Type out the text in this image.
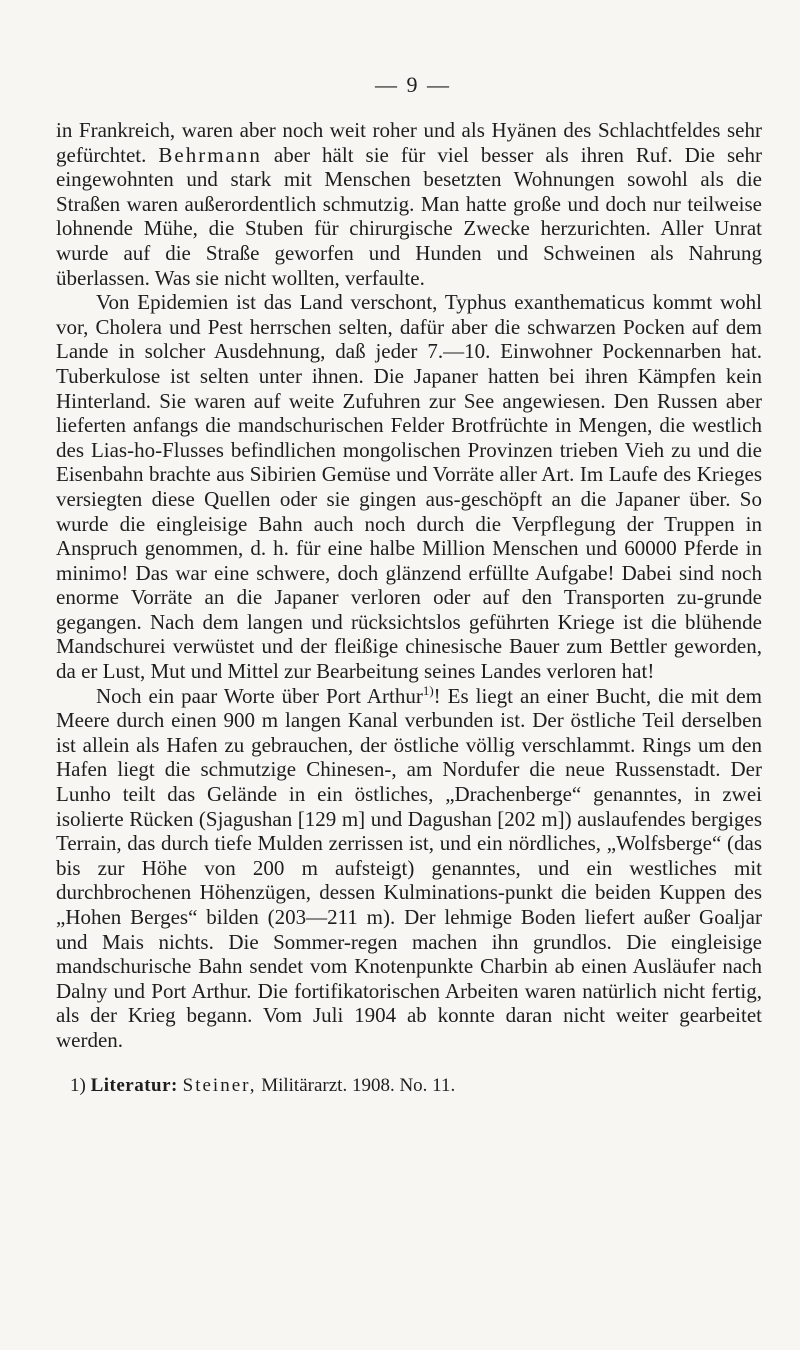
— 9 —

in Frankreich, waren aber noch weit roher und als Hyänen des Schlachtfeldes sehr gefürchtet. Behrmann aber hält sie für viel besser als ihren Ruf. Die sehr eingewohnten und stark mit Menschen besetzten Wohnungen sowohl als die Straßen waren außerordentlich schmutzig. Man hatte große und doch nur teilweise lohnende Mühe, die Stuben für chirurgische Zwecke herzurichten. Aller Unrat wurde auf die Straße geworfen und Hunden und Schweinen als Nahrung überlassen. Was sie nicht wollten, verfaulte.

Von Epidemien ist das Land verschont, Typhus exanthematicus kommt wohl vor, Cholera und Pest herrschen selten, dafür aber die schwarzen Pocken auf dem Lande in solcher Ausdehnung, daß jeder 7.—10. Einwohner Pockennarben hat. Tuberkulose ist selten unter ihnen. Die Japaner hatten bei ihren Kämpfen kein Hinterland. Sie waren auf weite Zufuhren zur See angewiesen. Den Russen aber lieferten anfangs die mandschurischen Felder Brotfrüchte in Mengen, die westlich des Lias-ho-Flusses befindlichen mongolischen Provinzen trieben Vieh zu und die Eisenbahn brachte aus Sibirien Gemüse und Vorräte aller Art. Im Laufe des Krieges versiegten diese Quellen oder sie gingen aus-geschöpft an die Japaner über. So wurde die eingleisige Bahn auch noch durch die Verpflegung der Truppen in Anspruch genommen, d. h. für eine halbe Million Menschen und 60000 Pferde in minimo! Das war eine schwere, doch glänzend erfüllte Aufgabe! Dabei sind noch enorme Vorräte an die Japaner verloren oder auf den Transporten zu-grunde gegangen. Nach dem langen und rücksichtslos geführten Kriege ist die blühende Mandschurei verwüstet und der fleißige chinesische Bauer zum Bettler geworden, da er Lust, Mut und Mittel zur Bearbeitung seines Landes verloren hat!

Noch ein paar Worte über Port Arthur$^{1)}$! Es liegt an einer Bucht, die mit dem Meere durch einen 900 m langen Kanal verbunden ist. Der östliche Teil derselben ist allein als Hafen zu gebrauchen, der östliche völlig verschlammt. Rings um den Hafen liegt die schmutzige Chinesen-, am Nordufer die neue Russenstadt. Der Lunho teilt das Gelände in ein östliches, „Drachenberge“ genanntes, in zwei isolierte Rücken (Sjagushan [129 m] und Dagushan [202 m]) auslaufendes bergiges Terrain, das durch tiefe Mulden zerrissen ist, und ein nördliches, „Wolfsberge“ (das bis zur Höhe von 200 m aufsteigt) genanntes, und ein westliches mit durchbrochenen Höhenzügen, dessen Kulminations-punkt die beiden Kuppen des „Hohen Berges“ bilden (203—211 m). Der lehmige Boden liefert außer Goaljar und Mais nichts. Die Sommer-regen machen ihn grundlos. Die eingleisige mandschurische Bahn sendet vom Knotenpunkte Charbin ab einen Ausläufer nach Dalny und Port Arthur. Die fortifikatorischen Arbeiten waren natürlich nicht fertig, als der Krieg begann. Vom Juli 1904 ab konnte daran nicht weiter gearbeitet werden.

1) Literatur: Steiner, Militärarzt. 1908. No. 11.
